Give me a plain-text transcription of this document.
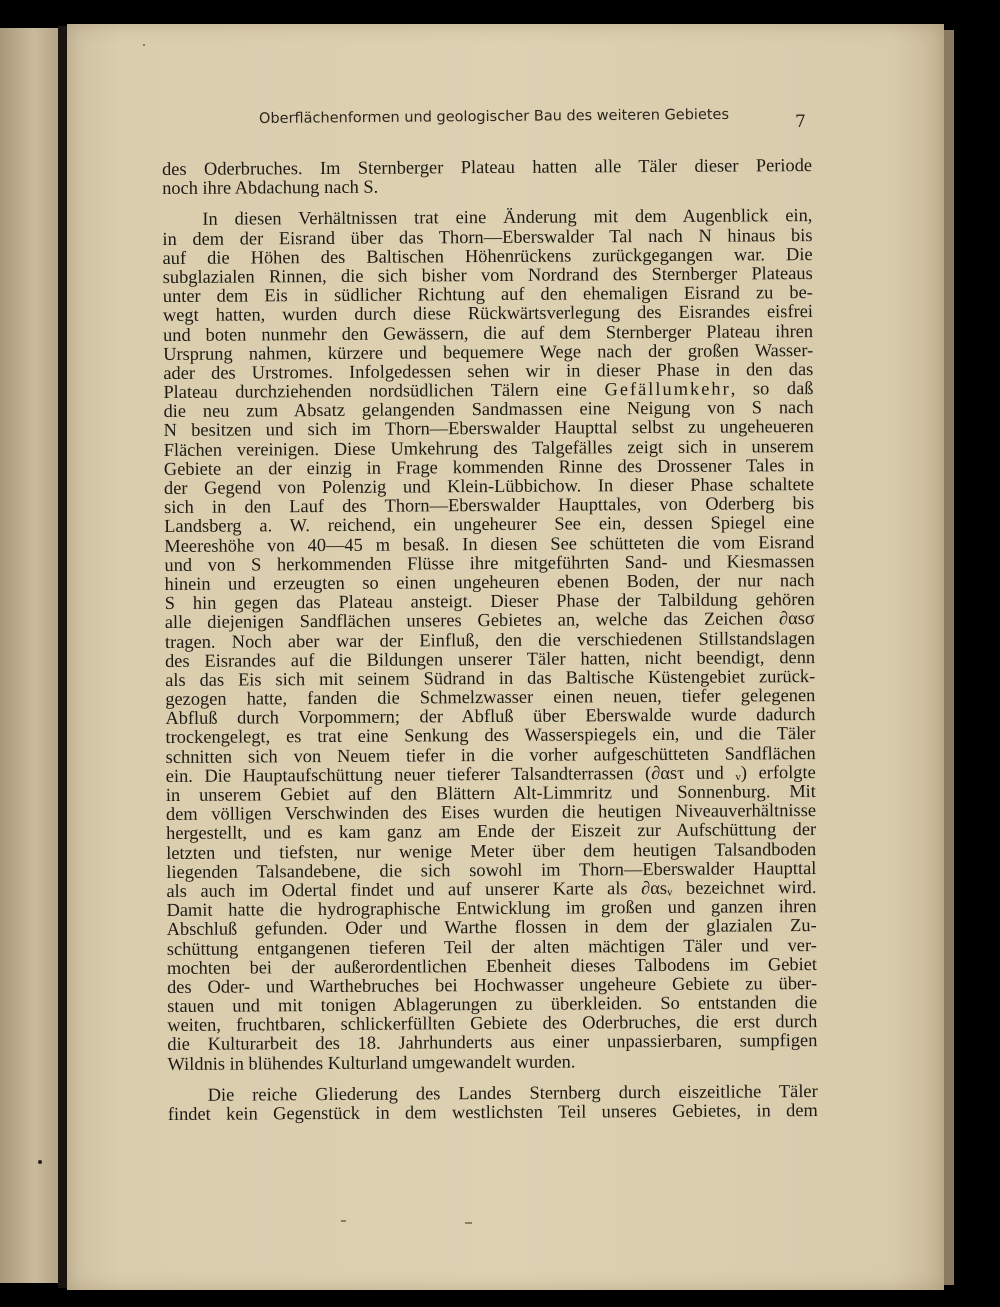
Oberflächenformen und geologischer Bau des weiteren Gebietes	7
des Oderbruches. Im Sternberger Plateau hatten alle Täler dieser Periode
noch ihre Abdachung nach S.
In diesen Verhältnissen trat eine Änderung mit dem Augenblick ein,
in dem der Eisrand über das Thorn—Eberswalder Tal nach N hinaus bis
auf die Höhen des Baltischen Höhenrückens zurückgegangen war. Die
subglazialen Rinnen, die sich bisher vom Nordrand des Sternberger Plateaus
unter dem Eis in südlicher Richtung auf den ehemaligen Eisrand zu be-
wegt hatten, wurden durch diese Rückwärtsverlegung des Eisrandes eisfrei
und boten nunmehr den Gewässern, die auf dem Sternberger Plateau ihren
Ursprung nahmen, kürzere und bequemere Wege nach der großen Wasser-
ader des Urstromes. Infolgedessen sehen wir in dieser Phase in den das
Plateau durchziehenden nordsüdlichen Tälern eine Gefällumkehr, so daß
die neu zum Absatz gelangenden Sandmassen eine Neigung von S nach
N besitzen und sich im Thorn—Eberswalder Haupttal selbst zu ungeheueren
Flächen vereinigen. Diese Umkehrung des Talgefälles zeigt sich in unserem
Gebiete an der einzig in Frage kommenden Rinne des Drossener Tales in
der Gegend von Polenzig und Klein-Lübbichow. In dieser Phase schaltete
sich in den Lauf des Thorn—Eberswalder Haupttales, von Oderberg bis
Landsberg a. W. reichend, ein ungeheurer See ein, dessen Spiegel eine
Meereshöhe von 40—45 m besaß. In diesen See schütteten die vom Eisrand
und von S herkommenden Flüsse ihre mitgeführten Sand- und Kiesmassen
hinein und erzeugten so einen ungeheuren ebenen Boden, der nur nach
S hin gegen das Plateau ansteigt. Dieser Phase der Talbildung gehören
alle diejenigen Sandflächen unseres Gebietes an, welche das Zeichen ∂αsσ
tragen. Noch aber war der Einfluß, den die verschiedenen Stillstandslagen
des Eisrandes auf die Bildungen unserer Täler hatten, nicht beendigt, denn
als das Eis sich mit seinem Südrand in das Baltische Küstengebiet zurück-
gezogen hatte, fanden die Schmelzwasser einen neuen, tiefer gelegenen
Abfluß durch Vorpommern; der Abfluß über Eberswalde wurde dadurch
trockengelegt, es trat eine Senkung des Wasserspiegels ein, und die Täler
schnitten sich von Neuem tiefer in die vorher aufgeschütteten Sandflächen
ein. Die Hauptaufschüttung neuer tieferer Talsandterrassen (∂αsτ und ᵥ) erfolgte
in unserem Gebiet auf den Blättern Alt-Limmritz und Sonnenburg. Mit
dem völligen Verschwinden des Eises wurden die heutigen Niveauverhältnisse
hergestellt, und es kam ganz am Ende der Eiszeit zur Aufschüttung der
letzten und tiefsten, nur wenige Meter über dem heutigen Talsandboden
liegenden Talsandebene, die sich sowohl im Thorn—Eberswalder Haupttal
als auch im Odertal findet und auf unserer Karte als ∂αsᵥ bezeichnet wird.
Damit hatte die hydrographische Entwicklung im großen und ganzen ihren
Abschluß gefunden. Oder und Warthe flossen in dem der glazialen Zu-
schüttung entgangenen tieferen Teil der alten mächtigen Täler und ver-
mochten bei der außerordentlichen Ebenheit dieses Talbodens im Gebiet
des Oder- und Warthebruches bei Hochwasser ungeheure Gebiete zu über-
stauen und mit tonigen Ablagerungen zu überkleiden. So entstanden die
weiten, fruchtbaren, schlickerfüllten Gebiete des Oderbruches, die erst durch
die Kulturarbeit des 18. Jahrhunderts aus einer unpassierbaren, sumpfigen
Wildnis in blühendes Kulturland umgewandelt wurden.
Die reiche Gliederung des Landes Sternberg durch eiszeitliche Täler
findet kein Gegenstück in dem westlichsten Teil unseres Gebietes, in dem
